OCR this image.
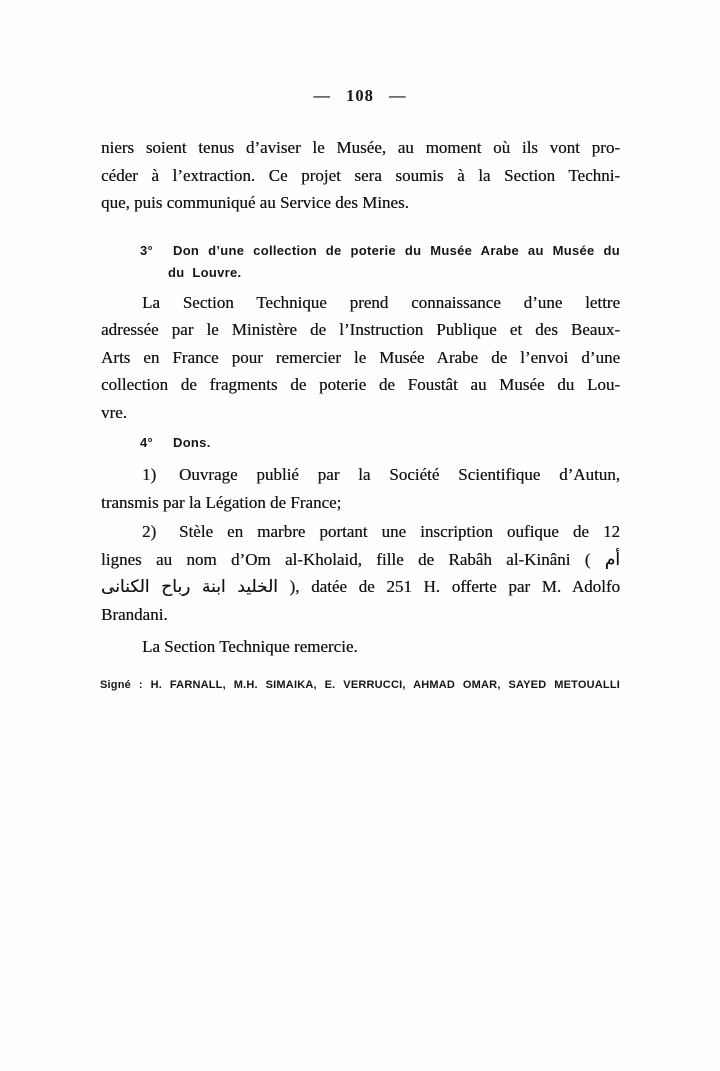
— 108 —
niers soient tenus d’aviser le Musée, au moment où ils vont pro-
céder à l’extraction. Ce projet sera soumis à la Section Techni-
que, puis communiqué au Service des Mines.
3° Don d’une collection de poterie du Musée Arabe au Musée du
du Louvre.
La Section Technique prend connaissance d’une lettre
adressée par le Ministère de l’Instruction Publique et des Beaux-
Arts en France pour remercier le Musée Arabe de l’envoi d’une
collection de fragments de poterie de Foustât au Musée du Lou-
vre.
4° Dons.
1) Ouvrage publié par la Société Scientifique d’Autun,
transmis par la Légation de France;
2) Stèle en marbre portant une inscription oufique de 12
lignes au nom d’Om al-Kholaid, fille de Rabâh al-Kinâni ( أم
الخليد ابنة رباح الكنانى ), datée de 251 H. offerte par M. Adolfo
Brandani.
La Section Technique remercie.
Signé : H. FARNALL, M.H. SIMAIKA, E. VERRUCCI, AHMAD OMAR, SAYED METOUALLI
